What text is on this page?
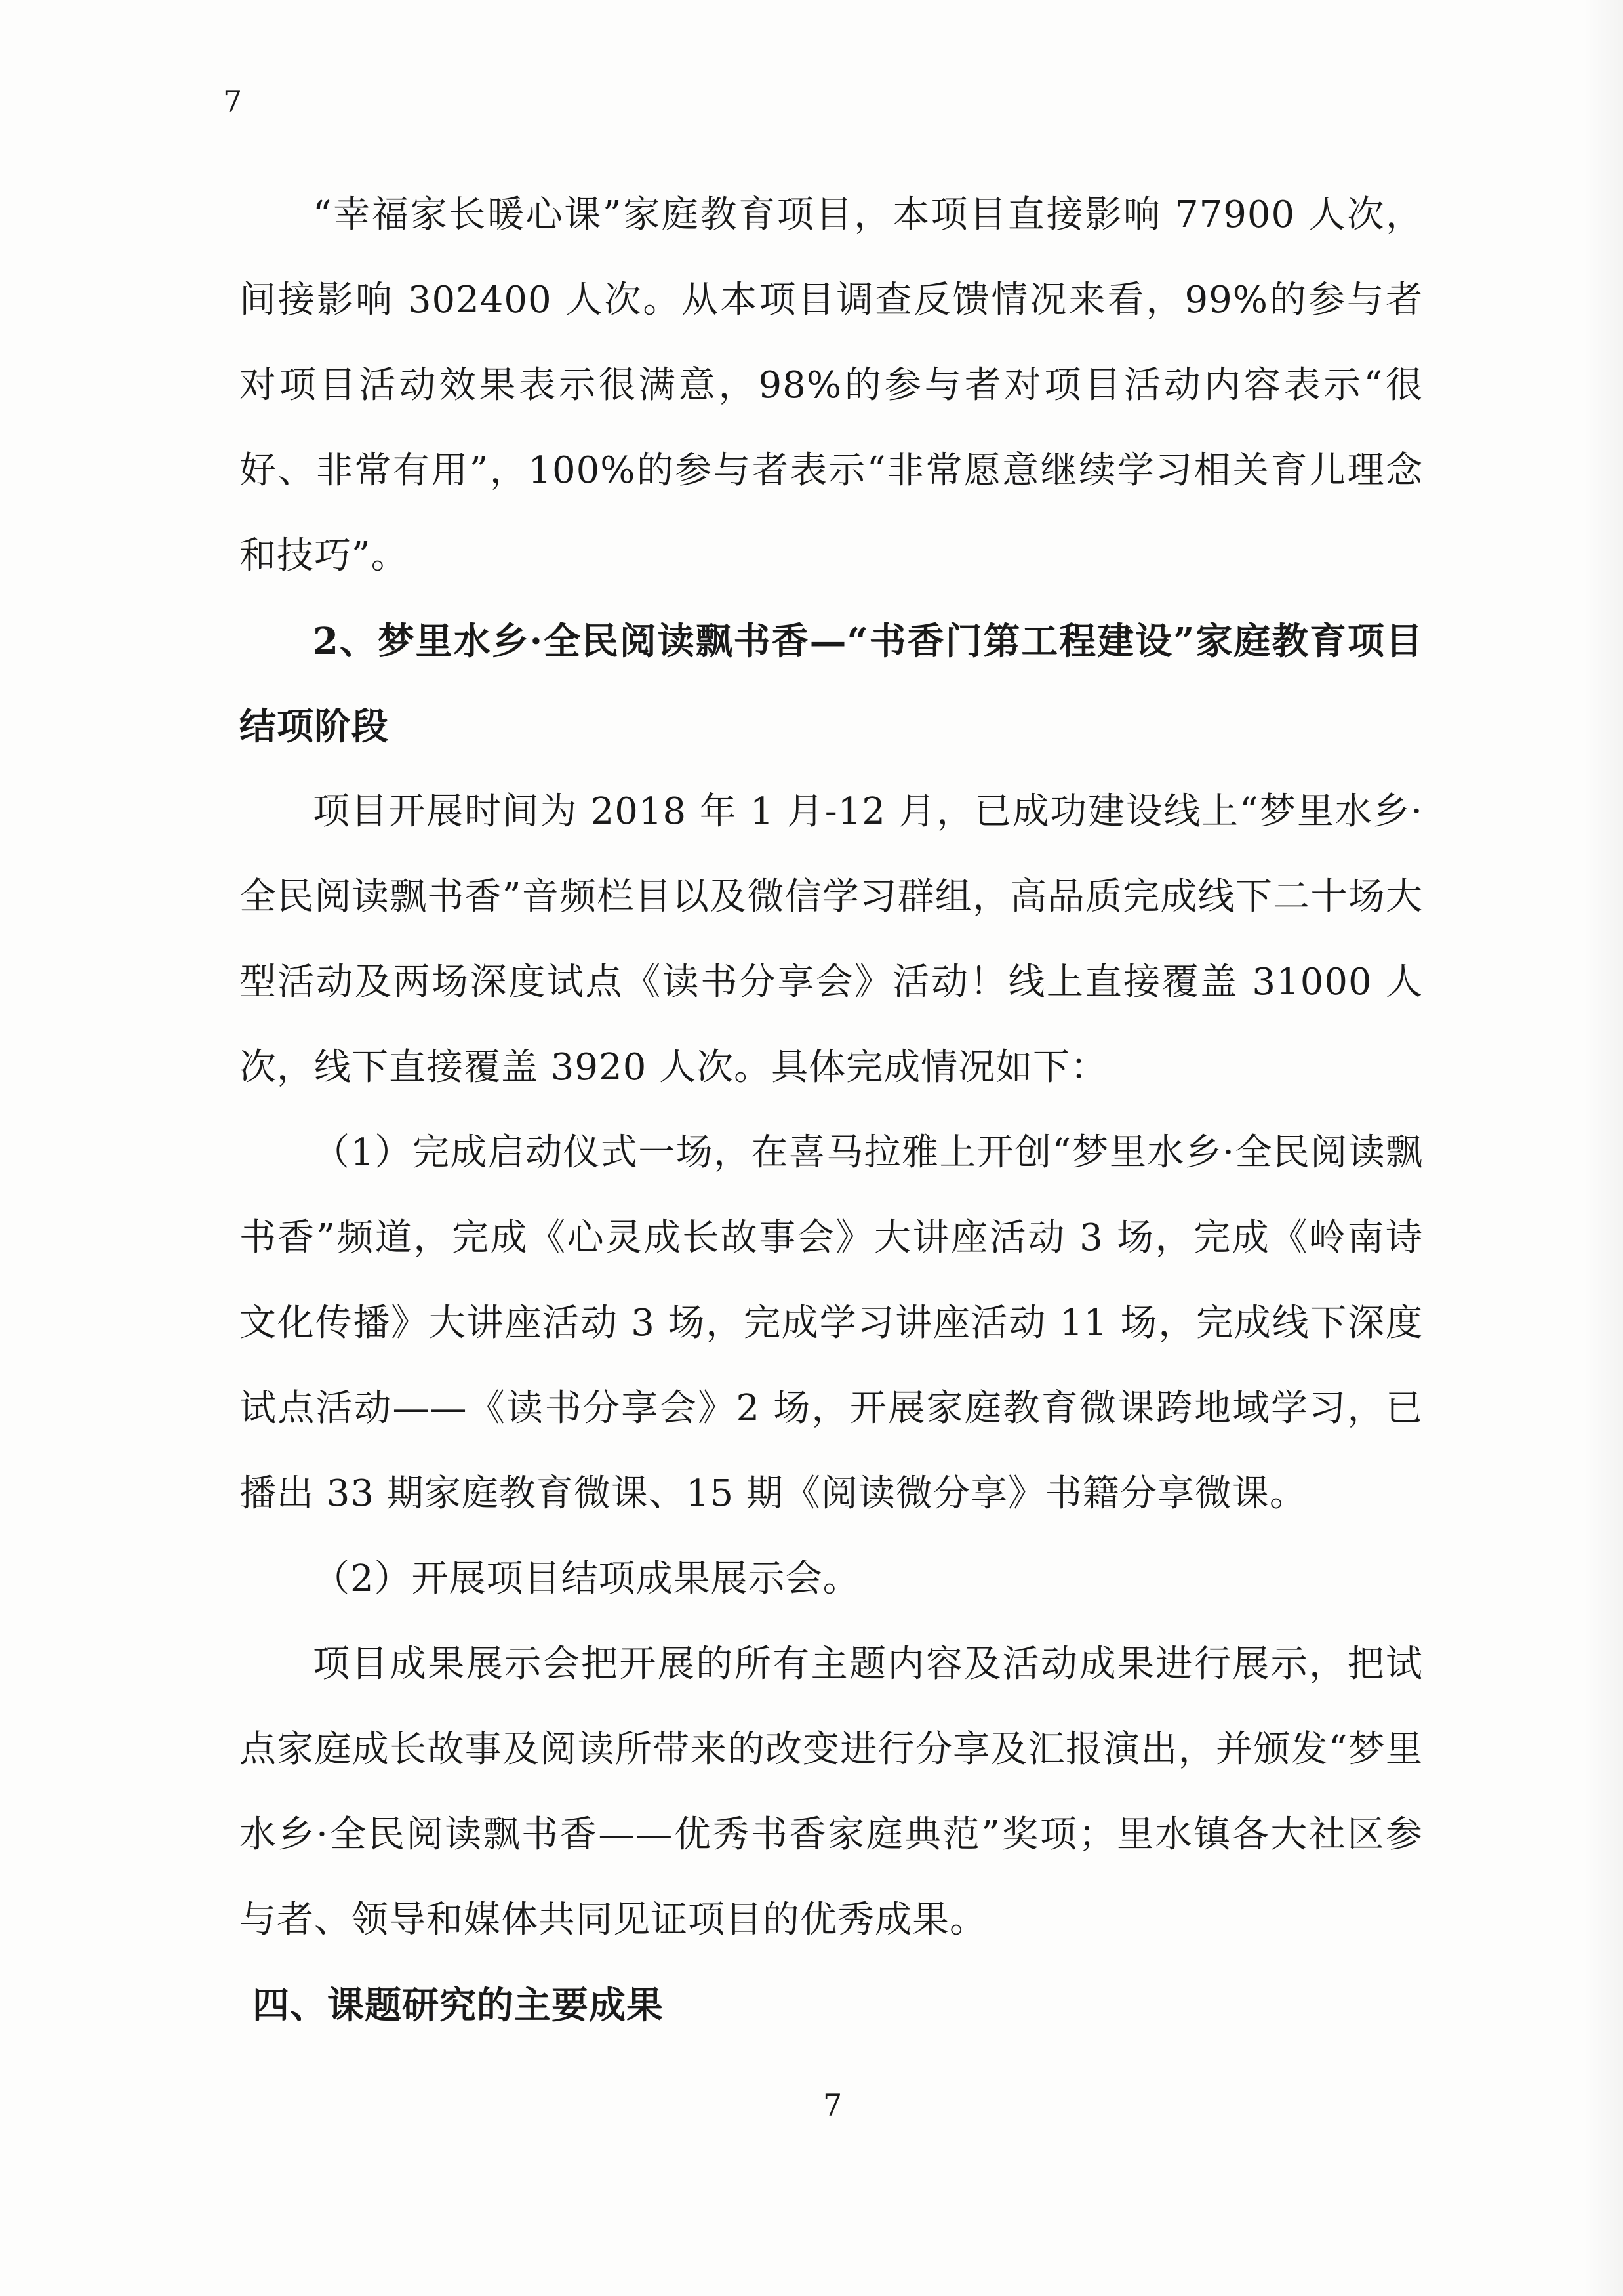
7

“幸福家长暖心课”家庭教育项目，本项目直接影响 77900 人次，间接影响 302400 人次。从本项目调查反馈情况来看，99%的参与者对项目活动效果表示很满意，98%的参与者对项目活动内容表示“很好、非常有用”，100%的参与者表示“非常愿意继续学习相关育儿理念和技巧”。

2、梦里水乡·全民阅读飘书香—“书香门第工程建设”家庭教育项目结项阶段

项目开展时间为 2018 年 1 月-12 月，已成功建设线上“梦里水乡·全民阅读飘书香”音频栏目以及微信学习群组，高品质完成线下二十场大型活动及两场深度试点《读书分享会》活动！线上直接覆盖 31000 人次，线下直接覆盖 3920 人次。具体完成情况如下：

（1）完成启动仪式一场，在喜马拉雅上开创“梦里水乡·全民阅读飘书香”频道，完成《心灵成长故事会》大讲座活动 3 场，完成《岭南诗文化传播》大讲座活动 3 场，完成学习讲座活动 11 场，完成线下深度试点活动——《读书分享会》2 场，开展家庭教育微课跨地域学习，已播出 33 期家庭教育微课、15 期《阅读微分享》书籍分享微课。

（2）开展项目结项成果展示会。

项目成果展示会把开展的所有主题内容及活动成果进行展示，把试点家庭成长故事及阅读所带来的改变进行分享及汇报演出，并颁发“梦里水乡·全民阅读飘书香——优秀书香家庭典范”奖项；里水镇各大社区参与者、领导和媒体共同见证项目的优秀成果。

四、课题研究的主要成果

7
